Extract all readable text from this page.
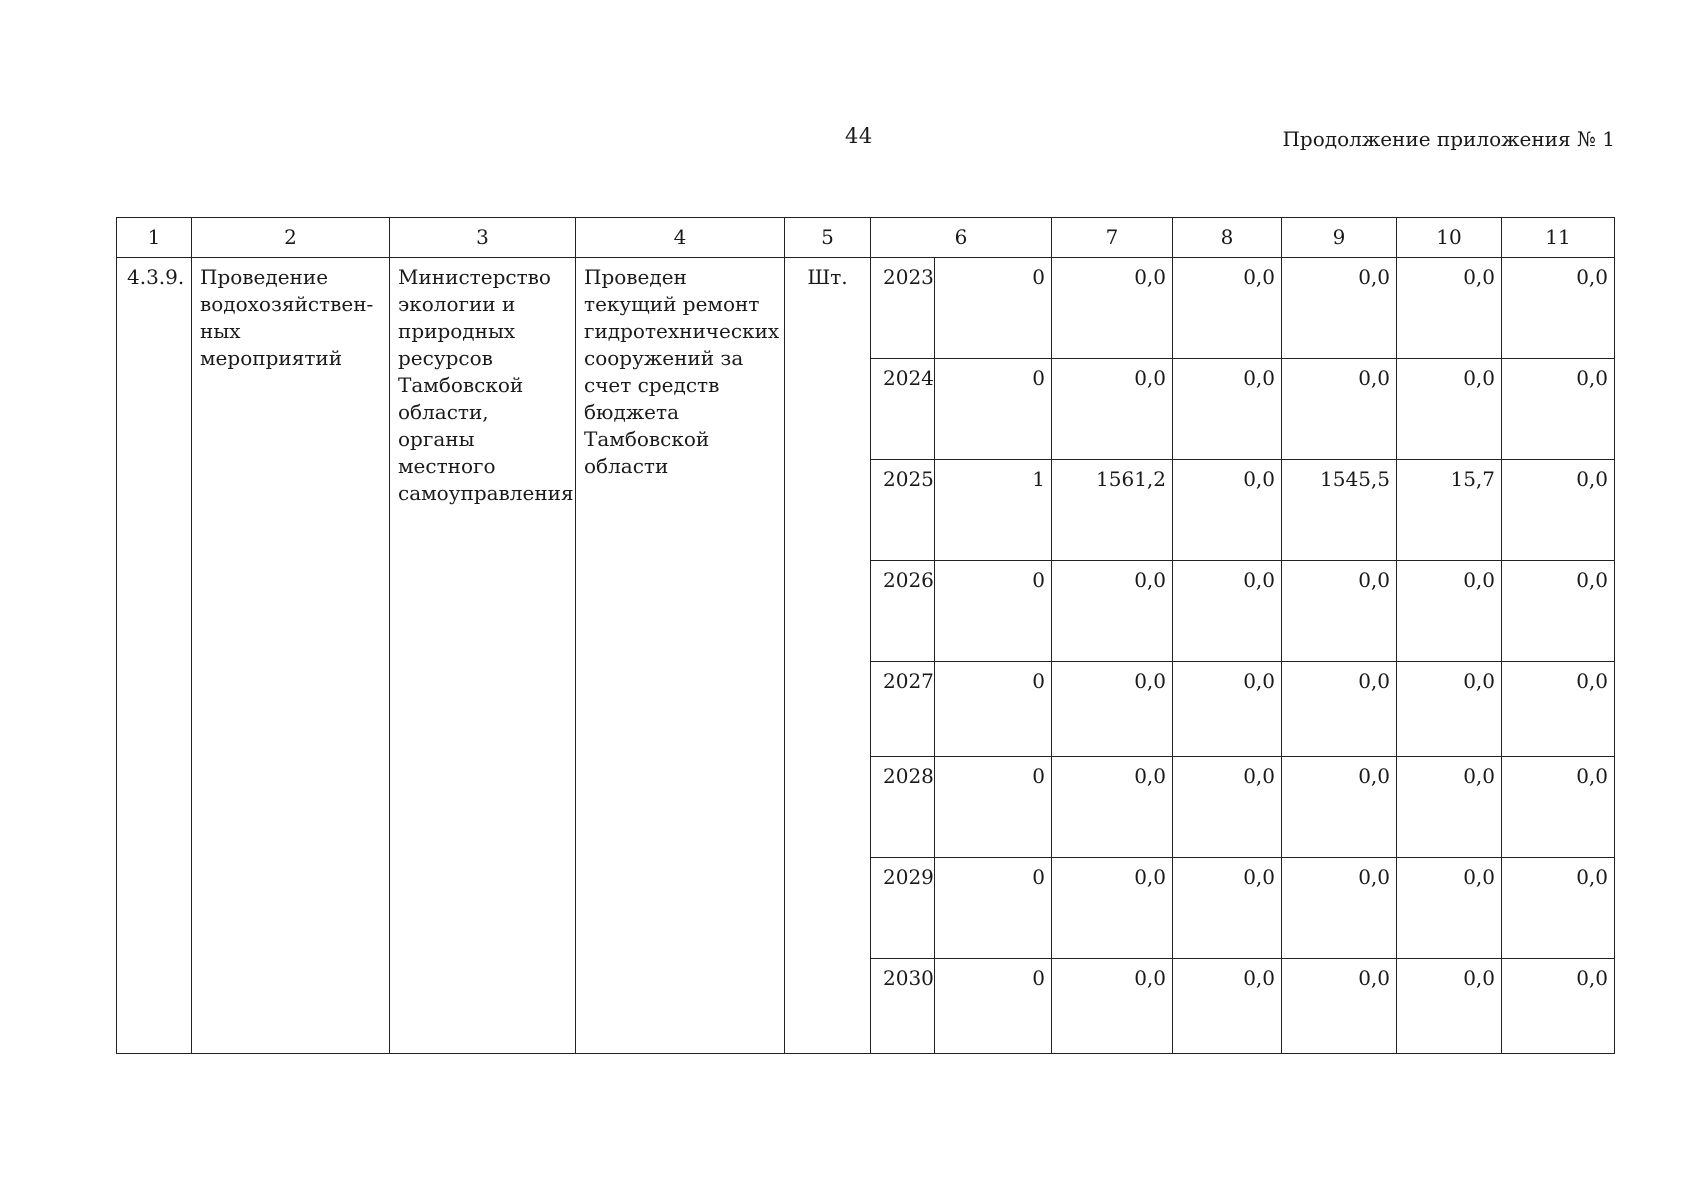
44	Продолжение приложения № 1
1	2	3	4	5	6		7	8	9	10	11
4.3.9.	Проведение водохозяйствен-ных мероприятий	Министерство экологии и природных ресурсов Тамбовской области, органы местного самоуправления	Проведен текущий ремонт гидротехнических сооружений за счет средств бюджета Тамбовской области	Шт.	2023	0	0,0	0,0	0,0	0,0	0,0
					2024	0	0,0	0,0	0,0	0,0	0,0
					2025	1	1561,2	0,0	1545,5	15,7	0,0
					2026	0	0,0	0,0	0,0	0,0	0,0
					2027	0	0,0	0,0	0,0	0,0	0,0
					2028	0	0,0	0,0	0,0	0,0	0,0
					2029	0	0,0	0,0	0,0	0,0	0,0
					2030	0	0,0	0,0	0,0	0,0	0,0
